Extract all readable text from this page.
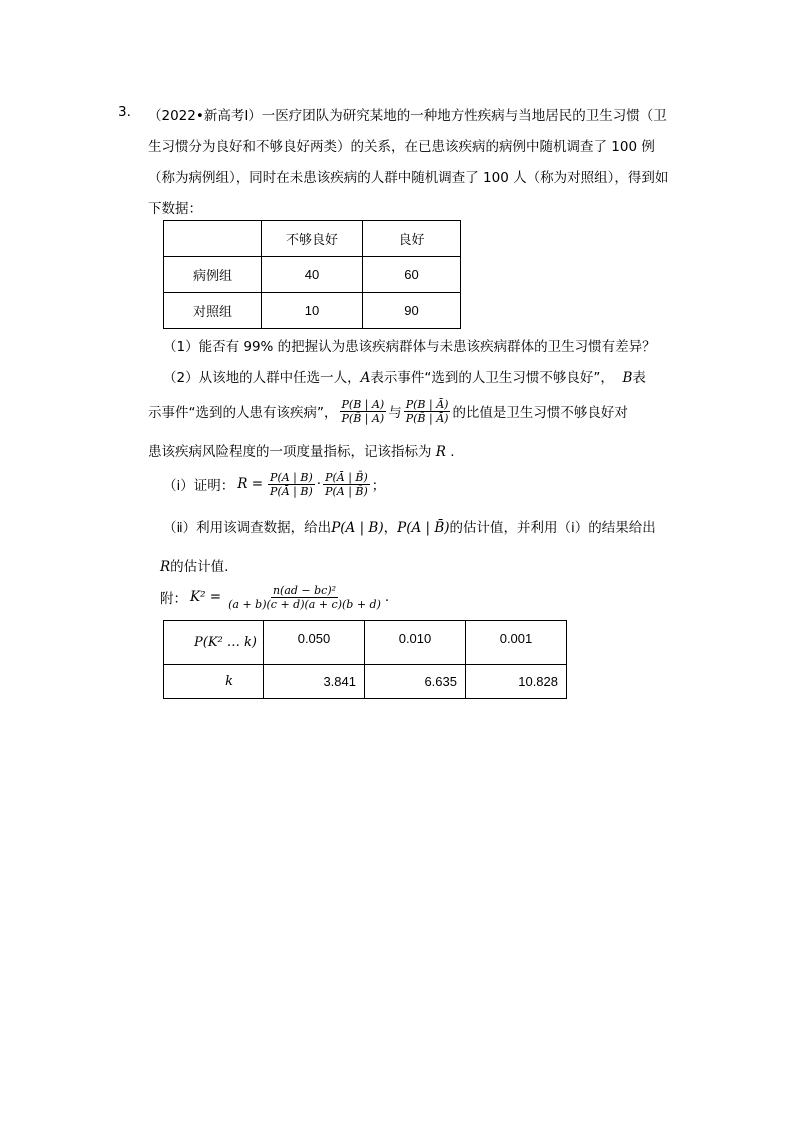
3. （2022•新高考Ⅰ）一医疗团队为研究某地的一种地方性疾病与当地居民的卫生习惯（卫
生习惯分为良好和不够良好两类）的关系，在已患该疾病的病例中随机调查了 100 例
（称为病例组），同时在未患该疾病的人群中随机调查了 100 人（称为对照组），得到如
下数据：
	不够良好	良好
病例组	40	60
对照组	10	90
（1）能否有 99% 的把握认为患该疾病群体与未患该疾病群体的卫生习惯有差异？
（2）从该地的人群中任选一人，A表示事件“选到的人卫生习惯不够良好”， B表
示事件“选到的人患有该疾病”， $\frac{P(B | A)}{P(B̄ | A)}$ 与 $\frac{P(B | Ā)}{P(B̄ | Ā)}$ 的比值是卫生习惯不够良好对
患该疾病风险程度的一项度量指标，记该指标为 R .
（ⅰ）证明： $R = \frac{P(A | B)}{P(Ā | B)} \cdot \frac{P(Ā | B̄)}{P(A | B̄)}$ ；
（ⅱ）利用该调查数据，给出P(A | B)，P(A | B̄)的估计值，并利用（ⅰ）的结果给出
R的估计值.
附： $K^2 = \frac{\text{n(ad − bc)²}}{(a + b)(c + d)(a + c)(b + d)}$ .
P(K² … k)	0.050	0.010	0.001
k	3.841	6.635	10.828
